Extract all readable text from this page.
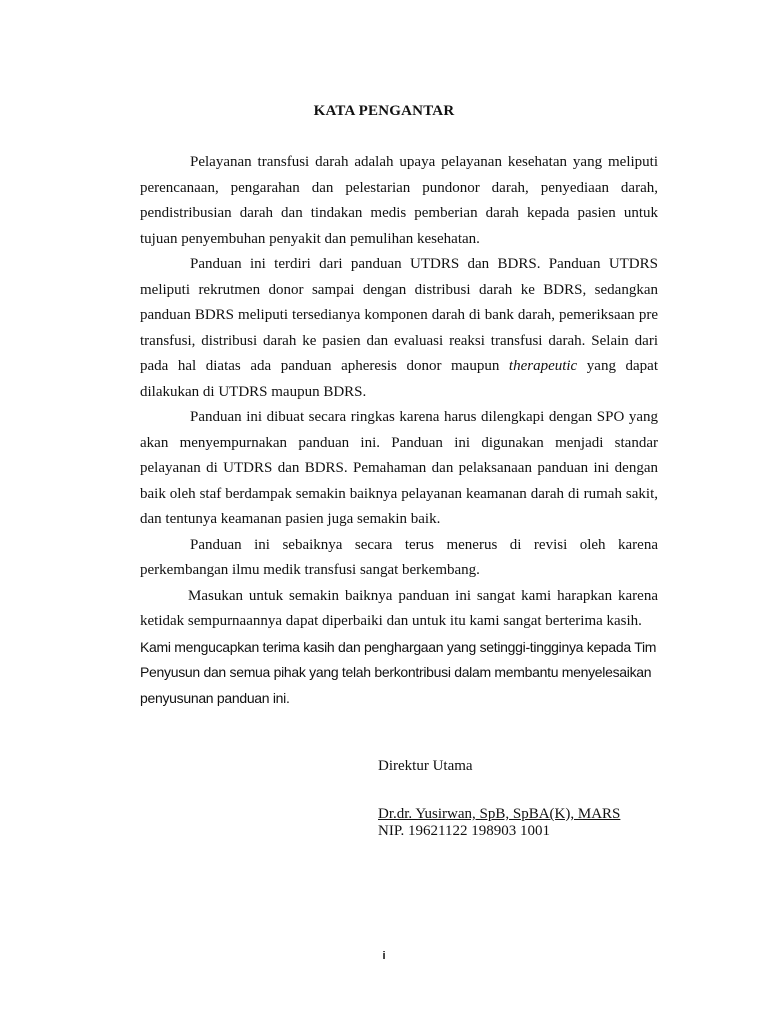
KATA PENGANTAR

Pelayanan transfusi darah adalah upaya pelayanan kesehatan yang meliputi perencanaan, pengarahan dan pelestarian pundonor darah, penyediaan darah, pendistribusian darah dan tindakan medis pemberian darah kepada pasien untuk tujuan penyembuhan penyakit dan pemulihan kesehatan.

Panduan ini terdiri dari panduan UTDRS dan BDRS. Panduan UTDRS meliputi rekrutmen donor sampai dengan distribusi darah ke BDRS, sedangkan panduan BDRS meliputi tersedianya komponen darah di bank darah, pemeriksaan pre transfusi, distribusi darah ke pasien dan evaluasi reaksi transfusi darah. Selain dari pada hal diatas ada panduan apheresis donor maupun therapeutic yang dapat dilakukan di UTDRS maupun BDRS.

Panduan ini dibuat secara ringkas karena harus dilengkapi dengan SPO yang akan menyempurnakan panduan ini. Panduan ini digunakan menjadi standar pelayanan di UTDRS dan BDRS. Pemahaman dan pelaksanaan panduan ini dengan baik oleh staf berdampak semakin baiknya pelayanan keamanan darah di rumah sakit, dan tentunya keamanan pasien juga semakin baik.

Panduan ini sebaiknya secara terus menerus di revisi oleh karena perkembangan ilmu medik transfusi sangat berkembang.

Masukan untuk semakin baiknya panduan ini sangat kami harapkan karena ketidak sempurnaannya dapat diperbaiki dan untuk itu kami sangat berterima kasih.

Kami mengucapkan terima kasih dan penghargaan yang setinggi-tingginya kepada Tim Penyusun dan semua pihak yang telah berkontribusi dalam membantu menyelesaikan penyusunan panduan ini.

Direktur Utama
Dr.dr. Yusirwan, SpB, SpBA(K), MARS
NIP. 19621122 198903 1001
i
